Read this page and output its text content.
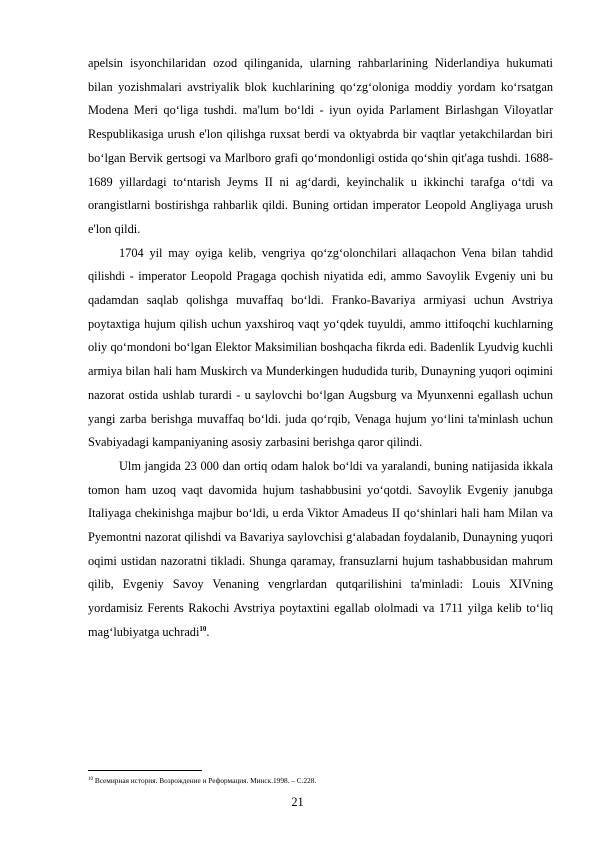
apelsin isyonchilaridan ozod qilinganida, ularning rahbarlarining Niderlandiya hukumati bilan yozishmalari avstriyalik blok kuchlarining qo‘zg‘oloniga moddiy yordam ko‘rsatgan Modena Meri qo‘liga tushdi. ma'lum bo‘ldi - iyun oyida Parlament Birlashgan Viloyatlar Respublikasiga urush e'lon qilishga ruxsat berdi va oktyabrda bir vaqtlar yetakchilardan biri bo‘lgan Bervik gertsogi va Marlboro grafi qo‘mondonligi ostida qo‘shin qit'aga tushdi. 1688-1689 yillardagi to‘ntarish Jeyms II ni ag‘dardi, keyinchalik u ikkinchi tarafga o‘tdi va orangistlarni bostirishga rahbarlik qildi. Buning ortidan imperator Leopold Angliyaga urush e'lon qildi.

1704 yil may oyiga kelib, vengriya qo‘zg‘olonchilari allaqachon Vena bilan tahdid qilishdi - imperator Leopold Pragaga qochish niyatida edi, ammo Savoylik Evgeniy uni bu qadamdan saqlab qolishga muvaffaq bo‘ldi. Franko-Bavariya armiyasi uchun Avstriya poytaxtiga hujum qilish uchun yaxshiroq vaqt yo‘qdek tuyuldi, ammo ittifoqchi kuchlarning oliy qo‘mondoni bo‘lgan Elektor Maksimilian boshqacha fikrda edi. Badenlik Lyudvig kuchli armiya bilan hali ham Muskirch va Munderkingen hududida turib, Dunayning yuqori oqimini nazorat ostida ushlab turardi - u saylovchi bo‘lgan Augsburg va Myunxenni egallash uchun yangi zarba berishga muvaffaq bo‘ldi. juda qo‘rqib, Venaga hujum yo‘lini ta'minlash uchun Svabiyadagi kampaniyaning asosiy zarbasini berishga qaror qilindi.

Ulm jangida 23 000 dan ortiq odam halok bo‘ldi va yaralandi, buning natijasida ikkala tomon ham uzoq vaqt davomida hujum tashabbusini yo‘qotdi. Savoylik Evgeniy janubga Italiyaga chekinishga majbur bo‘ldi, u erda Viktor Amadeus II qo‘shinlari hali ham Milan va Pyemontni nazorat qilishdi va Bavariya saylovchisi g‘alabadan foydalanib, Dunayning yuqori oqimi ustidan nazoratni tikladi. Shunga qaramay, fransuzlarni hujum tashabbusidan mahrum qilib, Evgeniy Savoy Venaning vengrlardan qutqarilishini ta'minladi: Louis XIVning yordamisiz Ferents Rakochi Avstriya poytaxtini egallab ololmadi va 1711 yilga kelib to‘liq mag‘lubiyatga uchradi$^{10}$.

$^{10}$ Всемирная история. Возрождение и Реформация. Минск.1998. – C.228.

21
